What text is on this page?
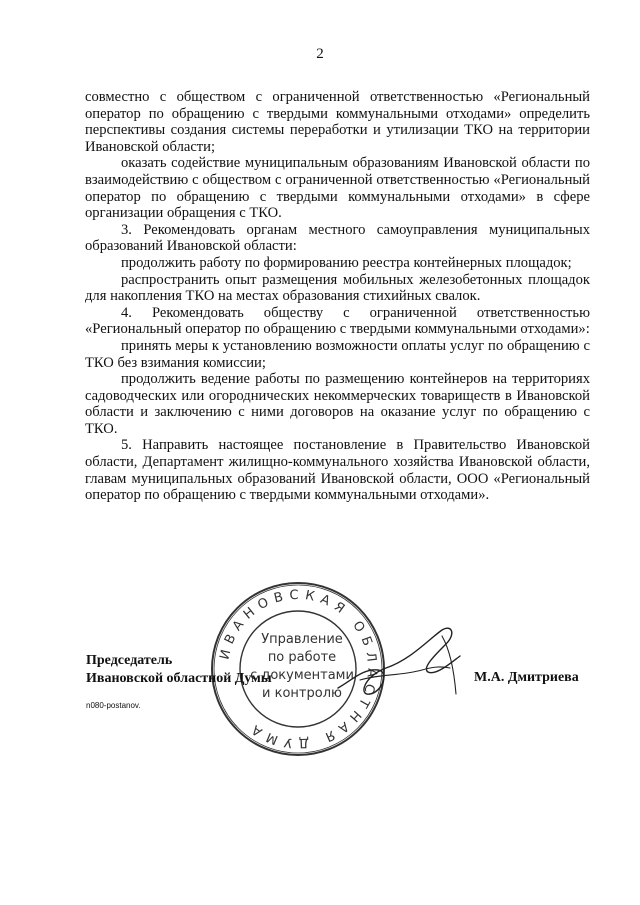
2

совместно с обществом с ограниченной ответственностью «Региональный оператор по обращению с твердыми коммунальными отходами» определить перспективы создания системы переработки и утилизации ТКО на территории Ивановской области;

оказать содействие муниципальным образованиям Ивановской области по взаимодействию с обществом с ограниченной ответственностью «Региональный оператор по обращению с твердыми коммунальными отходами» в сфере организации обращения с ТКО.

3. Рекомендовать органам местного самоуправления муниципальных образований Ивановской области:

продолжить работу по формированию реестра контейнерных площадок;

распространить опыт размещения мобильных железобетонных площадок для накопления ТКО на местах образования стихийных свалок.

4. Рекомендовать обществу с ограниченной ответственностью «Региональный оператор по обращению с твердыми коммунальными отходами»:

принять меры к установлению возможности оплаты услуг по обращению с ТКО без взимания комиссии;

продолжить ведение работы по размещению контейнеров на территориях садоводческих или огороднических некоммерческих товариществ в Ивановской области и заключению с ними договоров на оказание услуг по обращению с ТКО.

5. Направить настоящее постановление в Правительство Ивановской области, Департамент жилищно-коммунального хозяйства Ивановской области, главам муниципальных образований Ивановской области, ООО «Региональный оператор по обращению с твердыми коммунальными отходами».

ИВАНОВСКАЯ ОБЛАСТНАЯ ДУМА
Управление
по работе
с документами
и контролю
Председатель
Ивановской областной Думы	М.А. Дмитриева
n080-postanov.
